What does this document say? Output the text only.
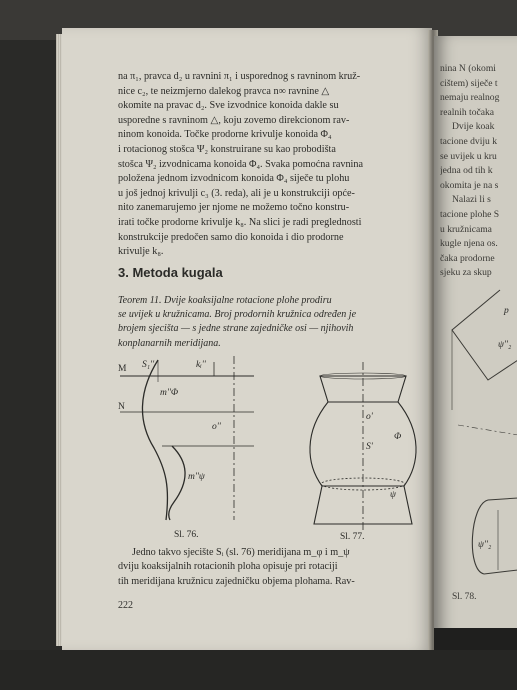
na π₁, pravca d₂ u ravnini π₁ i usporednog s ravninom kruž-
nice c₂, te neizmjerno dalekog pravca n∞ ravnine △
okomite na pravac d₂. Sve izvodnice konoida dakle su
usporedne s ravninom △, koju zovemo direkcionom rav-
ninom konoida. Točke prodorne krivulje konoida Φ₄
i rotacionog stošca Ψ₂ konstruirane su kao probodišta
stošca Ψ₂ izvodnicama konoida Φ₄. Svaka pomoćna ravnina
položena jednom izvodnicom konoida Φ₄ siječe tu plohu
u još jednoj krivulji c₃ (3. reda), ali je u konstrukciji opće-
nito zanemarujemo jer njome ne možemo točno konstru-
irati točke prodorne krivulje k₈. Na slici je radi preglednosti
konstrukcije predočen samo dio konoida i dio prodorne
krivulje k₈.
3. Metoda kugala
Teorem 11. Dvije koaksijalne rotacione plohe prodiru
se uvijek u kružnicama. Broj prodornih kružnica određen je
brojem sjecišta — s jedne strane zajedničke osi — njihovih
konplanarnih meridijana.
M
N
S₁''	kᵢ''
m''Φ
o''
m''ψ
Sl. 76.
o'
S'
Φ
ψ
Sl. 77.
Jedno takvo sjecište Sᵢ (sl. 76) meridijana m_φ i m_ψ
dviju koaksijalnih rotacionih ploha opisuje pri rotaciji
tih meridijana kružnicu zajedničku objema plohama. Rav-
222
nina N (okomi
cištem) siječe t
nemaju realnog
realnih točaka
Dvije koak
tacione dviju k
se uvijek u kru
jedna od tih k
okomita je na s
Nalazi li s
tacione plohe S
u kružnicama
kugle njena os.
čaka prodorne
sjeku za skup
p
ψ''₂
ψ''₂
Sl. 78.
